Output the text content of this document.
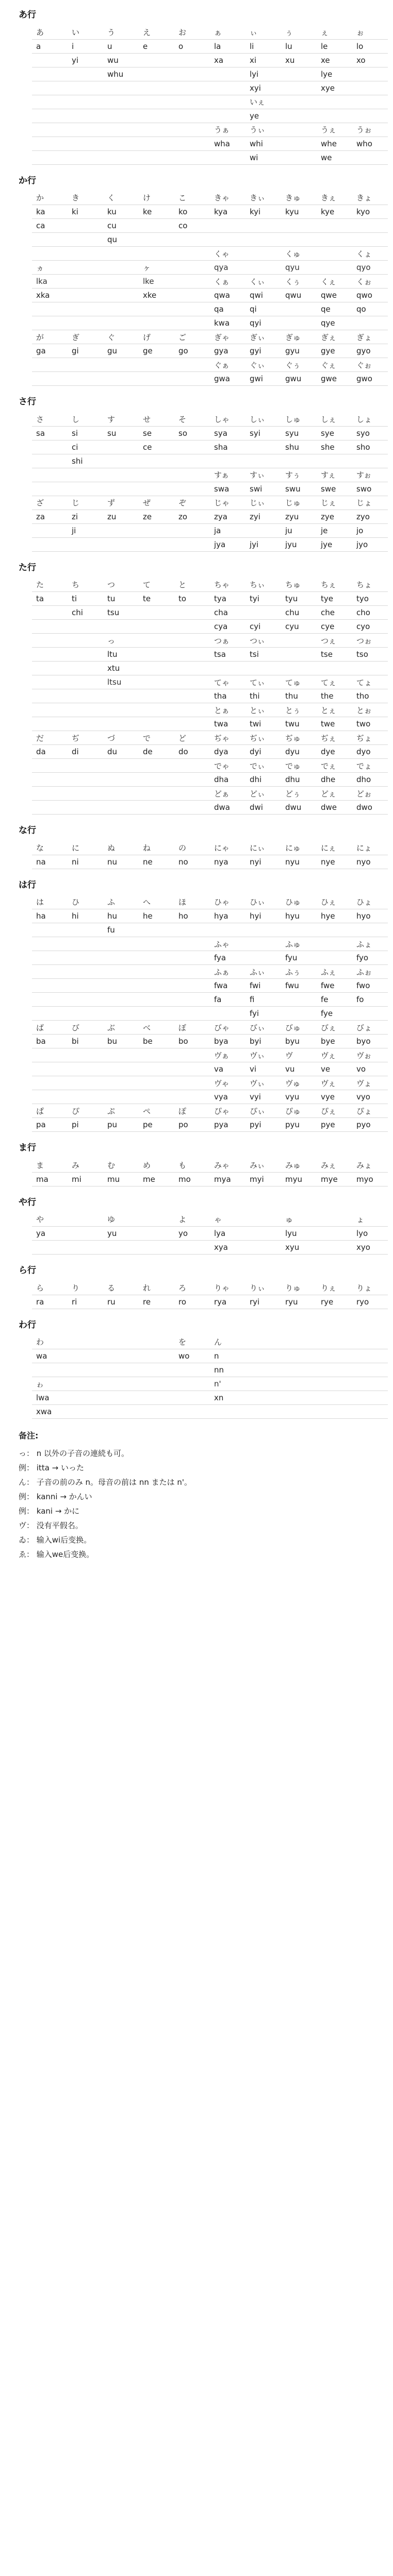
あ行
あ	い	う	え	お	ぁ	ぃ	ぅ	ぇ	ぉ
a	i	u	e	o	la	li	lu	le	lo
	yi	wu			xa	xi	xu	xe	xo
		whu				lyi		lye	
						xyi		xye	
						いぇ			
						ye			
					うぁ	うぃ		うぇ	うぉ
					wha	whi		whe	who
						wi		we	
か行
か	き	く	け	こ	きゃ	きぃ	きゅ	きぇ	きょ
ka	ki	ku	ke	ko	kya	kyi	kyu	kye	kyo
ca		cu		co					
		qu							
					くゃ		くゅ		くょ
ヵ			ヶ		qya		qyu		qyo
lka			lke		くぁ	くぃ	くぅ	くぇ	くぉ
xka			xke		qwa	qwi	qwu	qwe	qwo
					qa	qi		qe	qo
					kwa	qyi		qye	
が	ぎ	ぐ	げ	ご	ぎゃ	ぎぃ	ぎゅ	ぎぇ	ぎょ
ga	gi	gu	ge	go	gya	gyi	gyu	gye	gyo
					ぐぁ	ぐぃ	ぐぅ	ぐぇ	ぐぉ
					gwa	gwi	gwu	gwe	gwo
さ行
さ	し	す	せ	そ	しゃ	しぃ	しゅ	しぇ	しょ
sa	si	su	se	so	sya	syi	syu	sye	syo
	ci		ce		sha		shu	she	sho
	shi								
					すぁ	すぃ	すぅ	すぇ	すぉ
					swa	swi	swu	swe	swo
ざ	じ	ず	ぜ	ぞ	じゃ	じぃ	じゅ	じぇ	じょ
za	zi	zu	ze	zo	zya	zyi	zyu	zye	zyo
	ji				ja		ju	je	jo
					jya	jyi	jyu	jye	jyo
た行
た	ち	つ	て	と	ちゃ	ちぃ	ちゅ	ちぇ	ちょ
ta	ti	tu	te	to	tya	tyi	tyu	tye	tyo
	chi	tsu			cha		chu	che	cho
					cya	cyi	cyu	cye	cyo
		っ			つぁ	つぃ		つぇ	つぉ
		ltu			tsa	tsi		tse	tso
		xtu							
		ltsu			てゃ	てぃ	てゅ	てぇ	てょ
					tha	thi	thu	the	tho
					とぁ	とぃ	とぅ	とぇ	とぉ
					twa	twi	twu	twe	two
だ	ぢ	づ	で	ど	ぢゃ	ぢぃ	ぢゅ	ぢぇ	ぢょ
da	di	du	de	do	dya	dyi	dyu	dye	dyo
					でゃ	でぃ	でゅ	でぇ	でょ
					dha	dhi	dhu	dhe	dho
					どぁ	どぃ	どぅ	どぇ	どぉ
					dwa	dwi	dwu	dwe	dwo
な行
な	に	ぬ	ね	の	にゃ	にぃ	にゅ	にぇ	にょ
na	ni	nu	ne	no	nya	nyi	nyu	nye	nyo
は行
は	ひ	ふ	へ	ほ	ひゃ	ひぃ	ひゅ	ひぇ	ひょ
ha	hi	hu	he	ho	hya	hyi	hyu	hye	hyo
		fu							
					ふゃ		ふゅ		ふょ
					fya		fyu		fyo
					ふぁ	ふぃ	ふぅ	ふぇ	ふぉ
					fwa	fwi	fwu	fwe	fwo
					fa	fi		fe	fo
						fyi		fye	
ば	び	ぶ	べ	ぼ	びゃ	びぃ	びゅ	びぇ	びょ
ba	bi	bu	be	bo	bya	byi	byu	bye	byo
					ヴぁ	ヴぃ	ヴ	ヴぇ	ヴぉ
					va	vi	vu	ve	vo
					ヴゃ	ヴぃ	ヴゅ	ヴぇ	ヴょ
					vya	vyi	vyu	vye	vyo
ぱ	ぴ	ぷ	ぺ	ぽ	ぴゃ	ぴぃ	ぴゅ	ぴぇ	ぴょ
pa	pi	pu	pe	po	pya	pyi	pyu	pye	pyo
ま行
ま	み	む	め	も	みゃ	みぃ	みゅ	みぇ	みょ
ma	mi	mu	me	mo	mya	myi	myu	mye	myo
や行
や		ゆ		よ	ゃ		ゅ		ょ
ya		yu		yo	lya		lyu		lyo
					xya		xyu		xyo
ら行
ら	り	る	れ	ろ	りゃ	りぃ	りゅ	りぇ	りょ
ra	ri	ru	re	ro	rya	ryi	ryu	rye	ryo
わ行
わ				を	ん				
wa				wo	n				
					nn				
ゎ					n'				
lwa					xn				
xwa									
备注:
っ： n 以外の子音の連続も可。
例： itta → いった
ん： 子音の前のみ n。母音の前は nn または n'。
例： kanni → かんい
例： kani → かに
ヴ： 没有平假名。
ゐ： 输入wi后变换。
ゑ： 输入we后变换。
